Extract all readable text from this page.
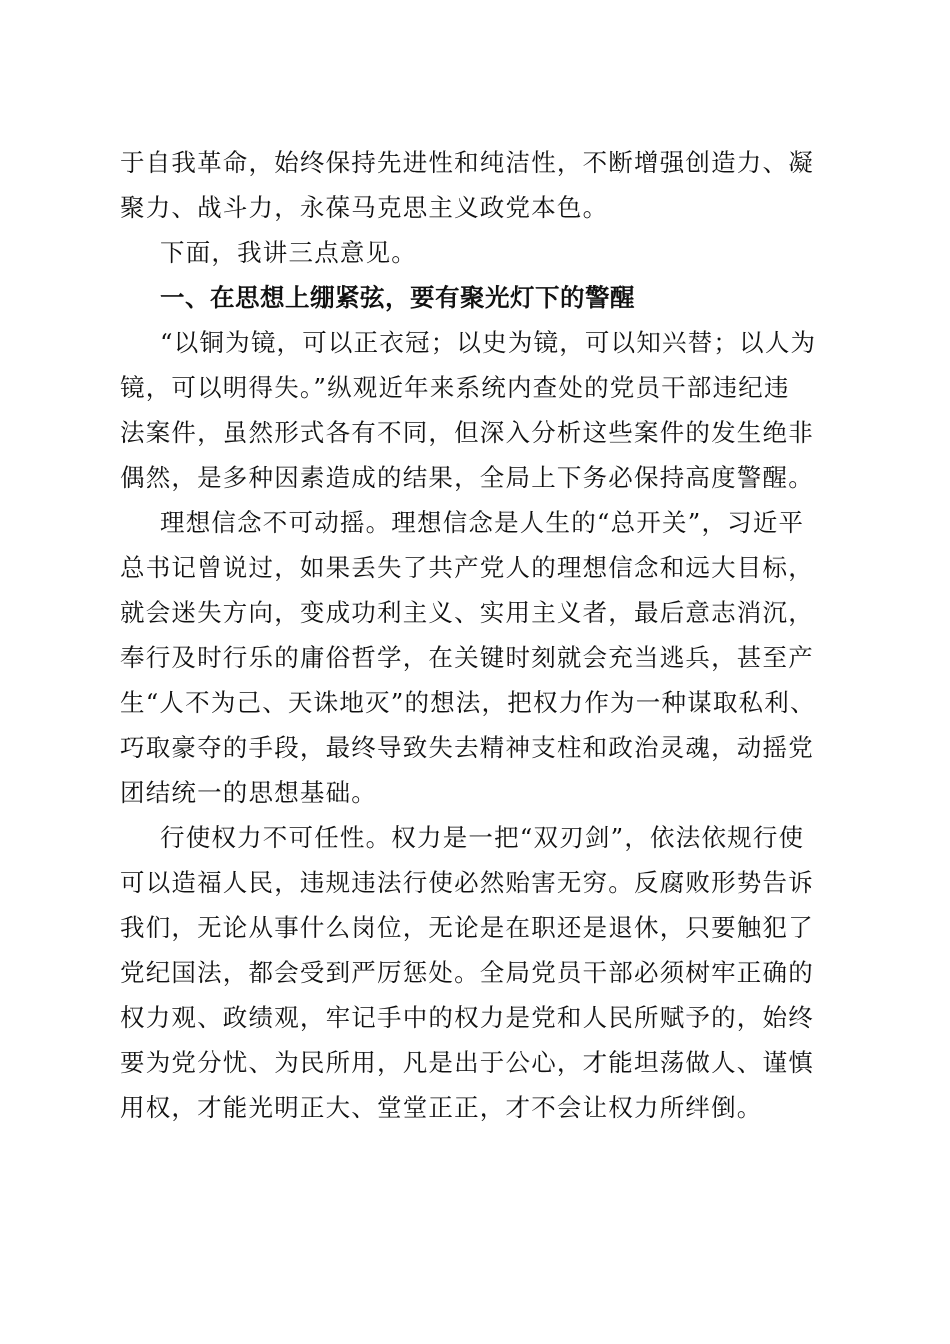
于自我革命，始终保持先进性和纯洁性，不断增强创造力、凝
聚力、战斗力，永葆马克思主义政党本色。
下面，我讲三点意见。
一、在思想上绷紧弦，要有聚光灯下的警醒
“以铜为镜，可以正衣冠；以史为镜，可以知兴替；以人为
镜，可以明得失。”纵观近年来系统内查处的党员干部违纪违
法案件，虽然形式各有不同，但深入分析这些案件的发生绝非
偶然，是多种因素造成的结果，全局上下务必保持高度警醒。
理想信念不可动摇。理想信念是人生的“总开关”，习近平
总书记曾说过，如果丢失了共产党人的理想信念和远大目标，
就会迷失方向，变成功利主义、实用主义者，最后意志消沉，
奉行及时行乐的庸俗哲学，在关键时刻就会充当逃兵，甚至产
生“人不为己、天诛地灭”的想法，把权力作为一种谋取私利、
巧取豪夺的手段，最终导致失去精神支柱和政治灵魂，动摇党
团结统一的思想基础。
行使权力不可任性。权力是一把“双刃剑”，依法依规行使
可以造福人民，违规违法行使必然贻害无穷。反腐败形势告诉
我们，无论从事什么岗位，无论是在职还是退休，只要触犯了
党纪国法，都会受到严厉惩处。全局党员干部必须树牢正确的
权力观、政绩观，牢记手中的权力是党和人民所赋予的，始终
要为党分忧、为民所用，凡是出于公心，才能坦荡做人、谨慎
用权，才能光明正大、堂堂正正，才不会让权力所绊倒。
